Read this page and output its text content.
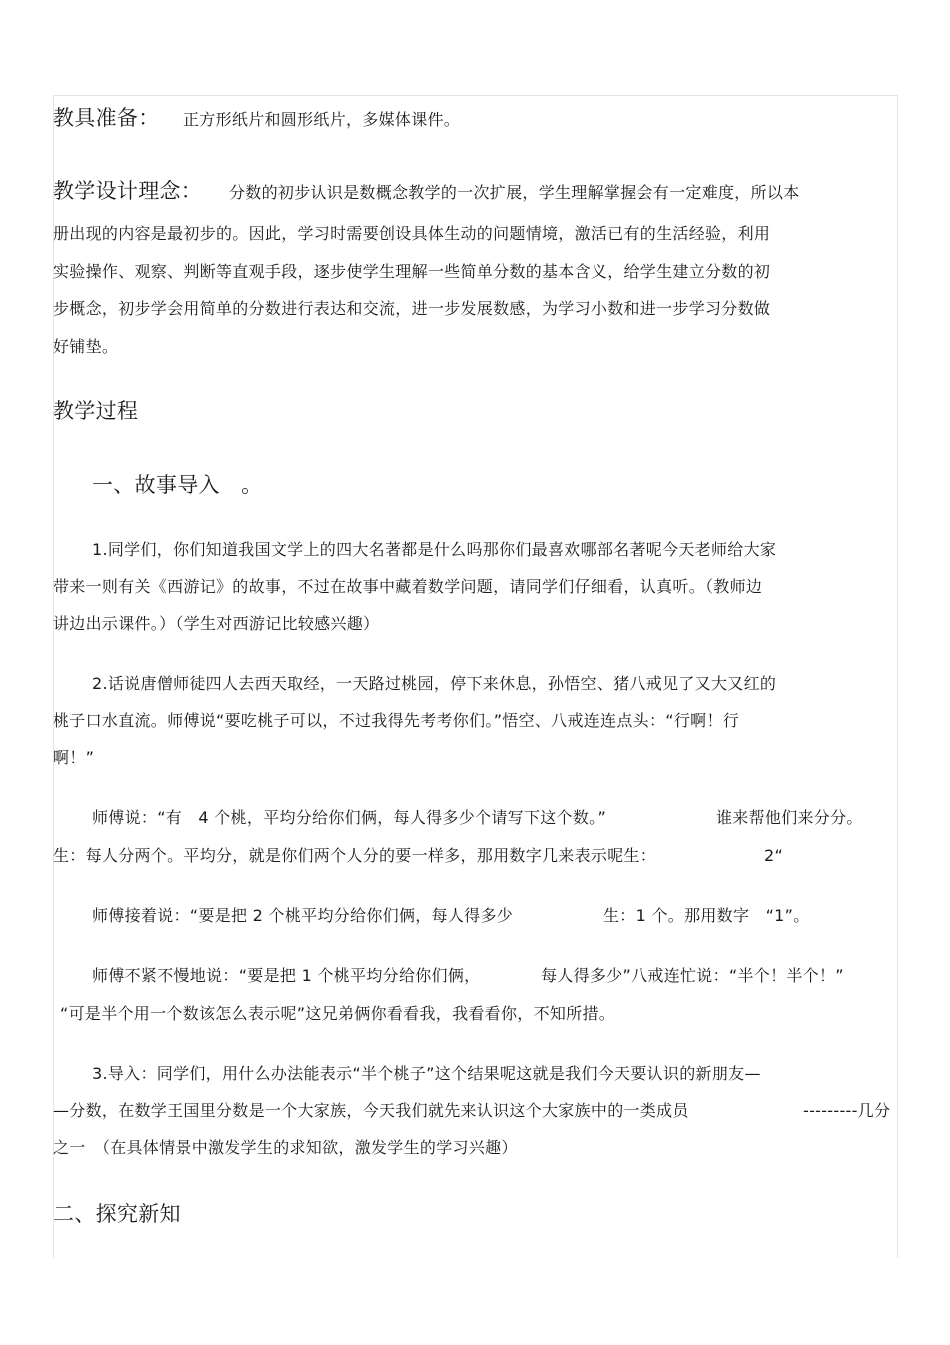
教具准备： 正方形纸片和圆形纸片，多媒体课件。
教学设计理念： 分数的初步认识是数概念教学的一次扩展，学生理解掌握会有一定难度，所以本
册出现的内容是最初步的。因此，学习时需要创设具体生动的问题情境，激活已有的生活经验，利用
实验操作、观察、判断等直观手段，逐步使学生理解一些简单分数的基本含义，给学生建立分数的初
步概念，初步学会用简单的分数进行表达和交流，进一步发展数感，为学习小数和进一步学习分数做
好铺垫。
教学过程
一、故事导入　。
1.同学们，你们知道我国文学上的四大名著都是什么吗那你们最喜欢哪部名著呢今天老师给大家
带来一则有关《西游记》的故事，不过在故事中藏着数学问题，请同学们仔细看，认真听。（教师边
讲边出示课件。）（学生对西游记比较感兴趣）
2.话说唐僧师徒四人去西天取经，一天路过桃园，停下来休息，孙悟空、猪八戒见了又大又红的
桃子口水直流。师傅说“要吃桃子可以，不过我得先考考你们。”悟空、八戒连连点头：“行啊！行
啊！”
师傅说：“有　4 个桃，平均分给你们俩，每人得多少个请写下这个数。”	谁来帮他们来分分。
生：每人分两个。平均分，就是你们两个人分的要一样多，那用数字几来表示呢生：	2“
师傅接着说：“要是把 2 个桃平均分给你们俩，每人得多少	生：1 个。那用数字　“1”。
师傅不紧不慢地说：“要是把 1 个桃平均分给你们俩，	每人得多少”八戒连忙说：“半个！半个！”
“可是半个用一个数该怎么表示呢”这兄弟俩你看看我，我看看你，不知所措。
3.导入：同学们，用什么办法能表示“半个桃子”这个结果呢这就是我们今天要认识的新朋友—
—分数，在数学王国里分数是一个大家族，今天我们就先来认识这个大家族中的一类成员	---------几分
之一　（在具体情景中激发学生的求知欲，激发学生的学习兴趣）
二、探究新知
